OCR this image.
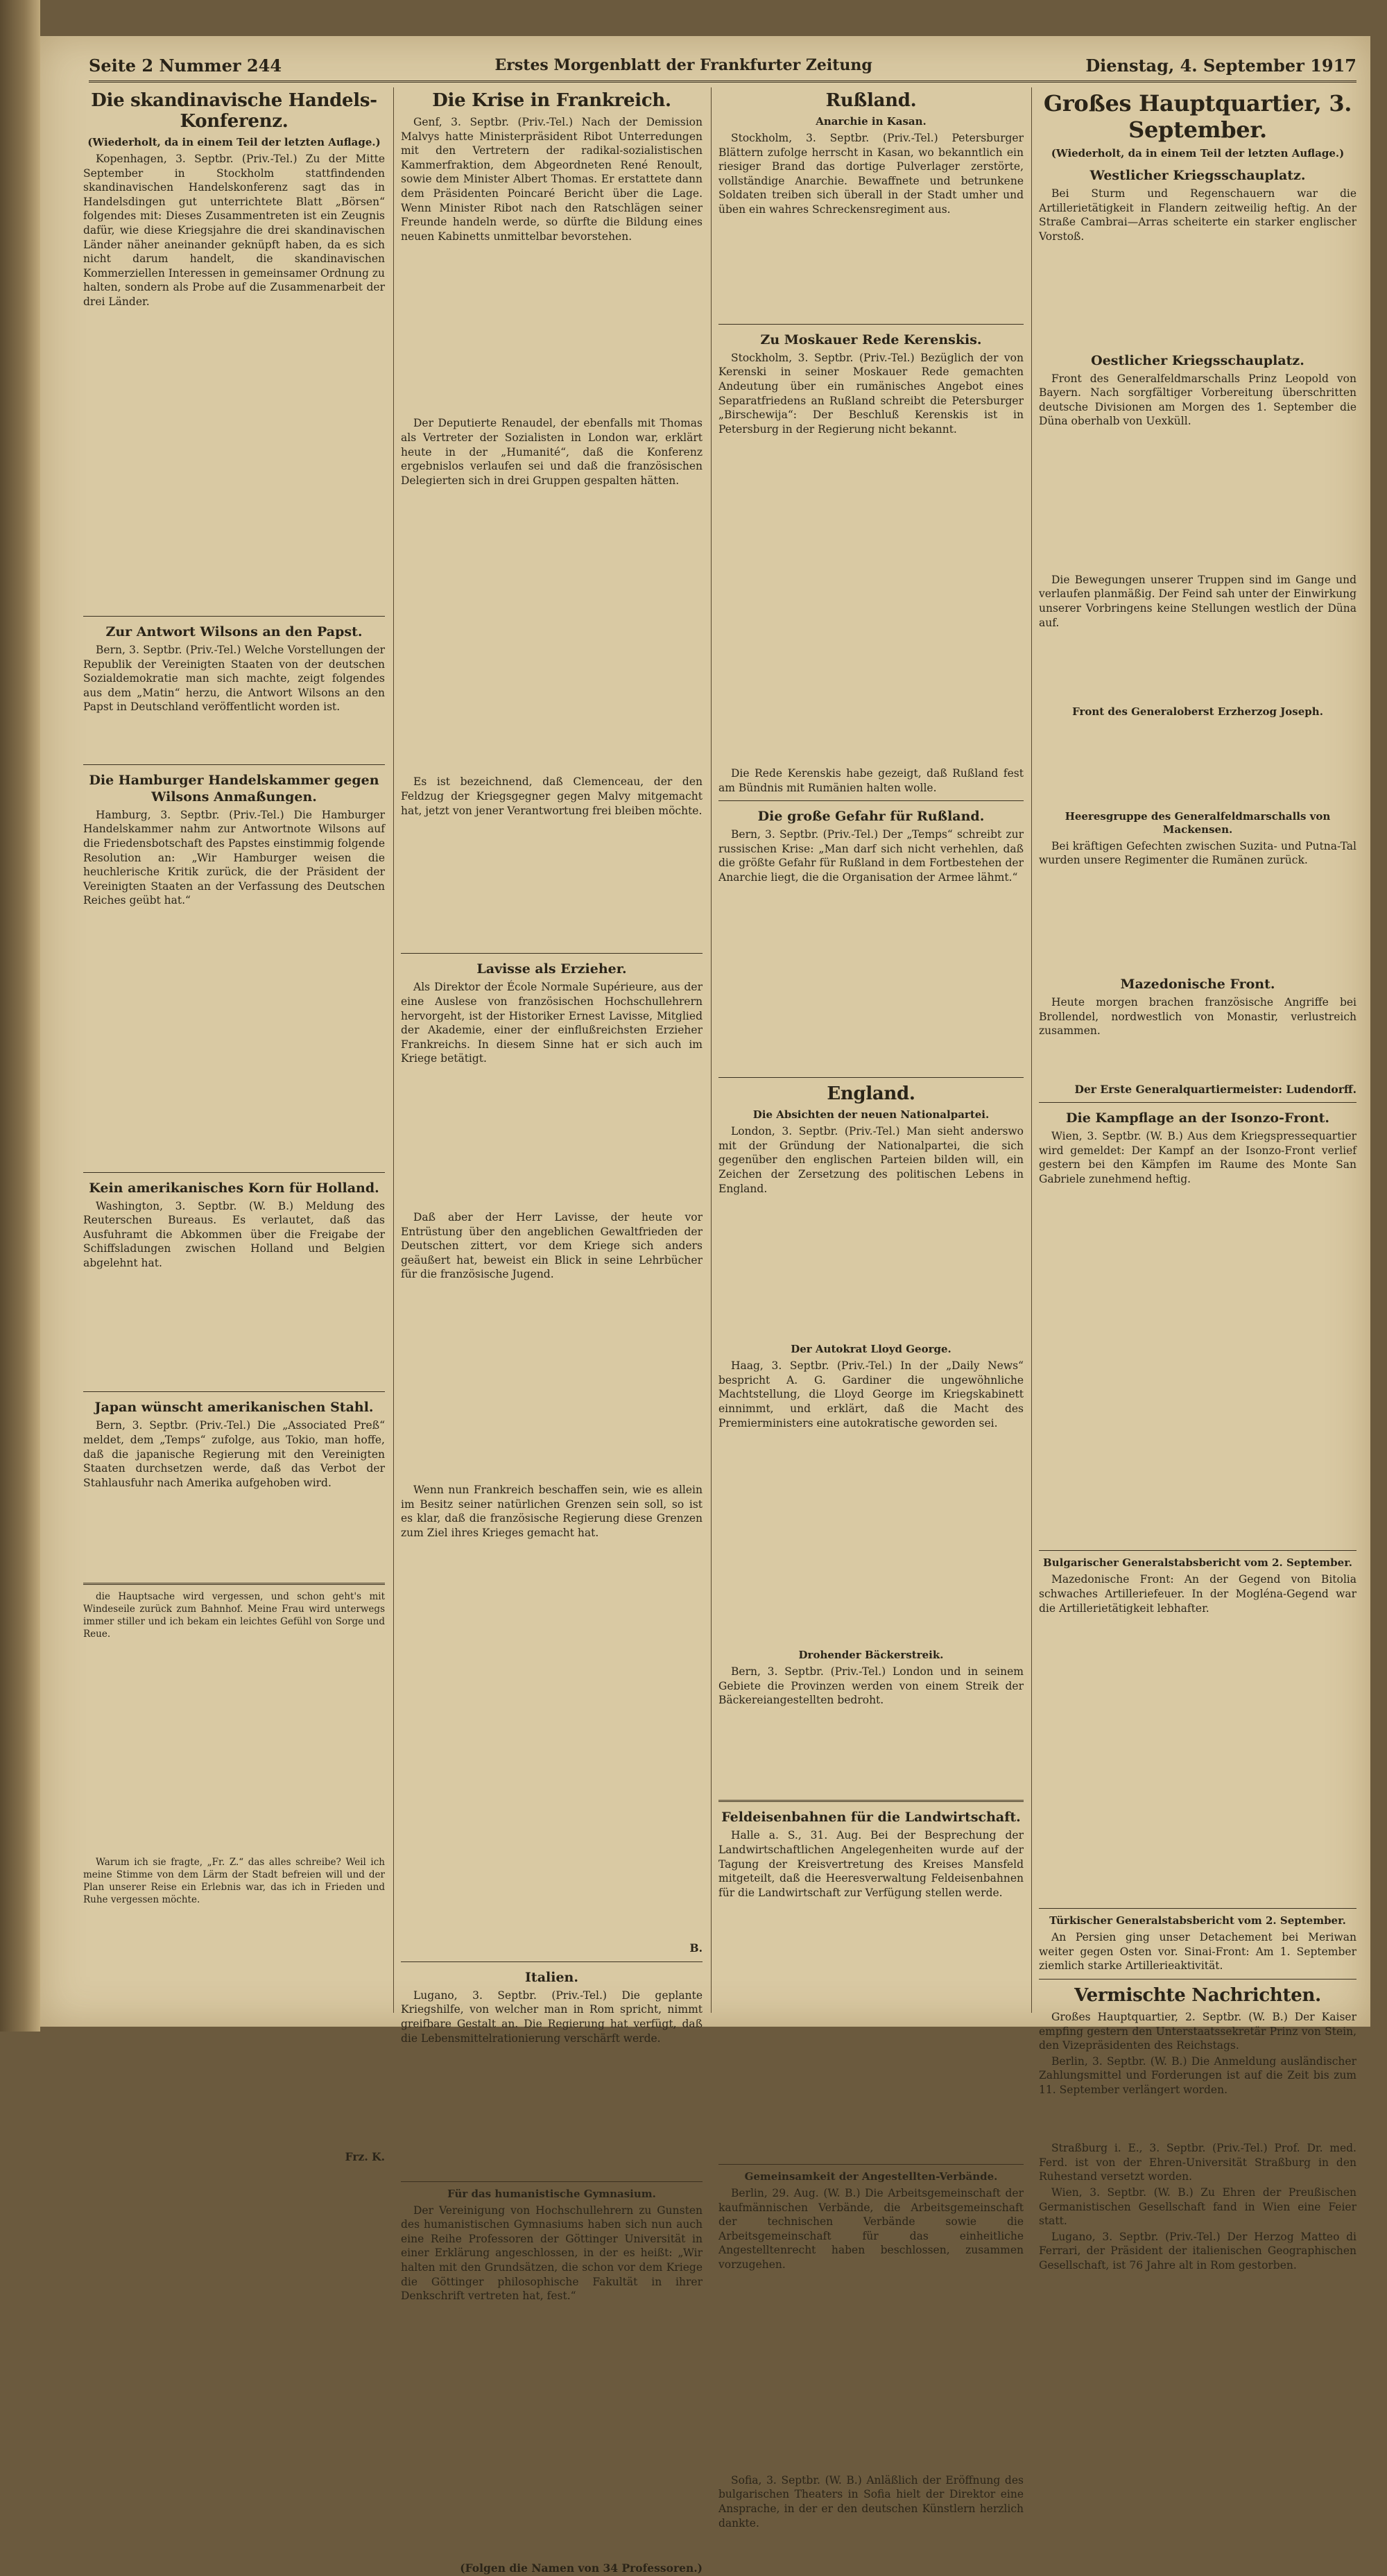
Seite 2 Nummer 244	Erstes Morgenblatt der Frankfurter Zeitung	Dienstag, 4. September 1917
Die skandinavische Handels-Konferenz.
(Wiederholt, da in einem Teil der letzten Auflage.)

Kopenhagen, 3. Septbr. (Priv.-Tel.) Zu der Mitte September in Stockholm stattfindenden skandinavischen Handelskonferenz sagt das in Handelsdingen gut unterrichtete Blatt „Börsen“ folgendes mit: Dieses Zusammentreten ist ein Zeugnis dafür, wie diese Kriegsjahre die drei skandinavischen Länder näher aneinander geknüpft haben, da es sich nicht darum handelt, die skandinavischen Kommerziellen Interessen in gemeinsamer Ordnung zu halten, sondern als Probe auf die Zusammenarbeit der drei Länder.

Zur Antwort Wilsons an den Papst.

Bern, 3. Septbr. (Priv.-Tel.) Welche Vorstellungen der Republik der Vereinigten Staaten von der deutschen Sozialdemokratie man sich machte, zeigt folgendes aus dem „Matin“ herzu, die Antwort Wilsons an den Papst in Deutschland veröffentlicht worden ist.

Die Hamburger Handelskammer gegen Wilsons Anmaßungen.

Hamburg, 3. Septbr. (Priv.-Tel.) Die Hamburger Handelskammer nahm zur Antwortnote Wilsons auf die Friedensbotschaft des Papstes einstimmig folgende Resolution an: „Wir Hamburger weisen die heuchlerische Kritik zurück, die der Präsident der Vereinigten Staaten an der Verfassung des Deutschen Reiches geübt hat.“

Kein amerikanisches Korn für Holland.

Washington, 3. Septbr. (W. B.) Meldung des Reuterschen Bureaus. Es verlautet, daß das Ausfuhramt die Abkommen über die Freigabe der Schiffsladungen zwischen Holland und Belgien abgelehnt hat.

Japan wünscht amerikanischen Stahl.

Bern, 3. Septbr. (Priv.-Tel.) Die „Associated Preß“ meldet, dem „Temps“ zufolge, aus Tokio, man hoffe, daß die japanische Regierung mit den Vereinigten Staaten durchsetzen werde, daß das Verbot der Stahlausfuhr nach Amerika aufgehoben wird.

die Hauptsache wird vergessen, und schon geht's mit Windeseile zurück zum Bahnhof. Meine Frau wird unterwegs immer stiller und ich bekam ein leichtes Gefühl von Sorge und Reue.

Warum ich sie fragte, „Fr. Z.“ das alles schreibe? Weil ich meine Stimme von dem Lärm der Stadt befreien will und der Plan unserer Reise ein Erlebnis war, das ich in Frieden und Ruhe vergessen möchte.

Frz. K.
Die Krise in Frankreich.

Genf, 3. Septbr. (Priv.-Tel.) Nach der Demission Malvys hatte Ministerpräsident Ribot Unterredungen mit den Vertretern der radikal-sozialistischen Kammerfraktion, dem Abgeordneten René Renoult, sowie dem Minister Albert Thomas. Er erstattete dann dem Präsidenten Poincaré Bericht über die Lage. Wenn Minister Ribot nach den Ratschlägen seiner Freunde handeln werde, so dürfte die Bildung eines neuen Kabinetts unmittelbar bevorstehen.

Der Deputierte Renaudel, der ebenfalls mit Thomas als Vertreter der Sozialisten in London war, erklärt heute in der „Humanité“, daß die Konferenz ergebnislos verlaufen sei und daß die französischen Delegierten sich in drei Gruppen gespalten hätten.

Es ist bezeichnend, daß Clemenceau, der den Feldzug der Kriegsgegner gegen Malvy mitgemacht hat, jetzt von jener Verantwortung frei bleiben möchte.

Lavisse als Erzieher.

Als Direktor der École Normale Supérieure, aus der eine Auslese von französischen Hochschullehrern hervorgeht, ist der Historiker Ernest Lavisse, Mitglied der Akademie, einer der einflußreichsten Erzieher Frankreichs. In diesem Sinne hat er sich auch im Kriege betätigt.

Daß aber der Herr Lavisse, der heute vor Entrüstung über den angeblichen Gewaltfrieden der Deutschen zittert, vor dem Kriege sich anders geäußert hat, beweist ein Blick in seine Lehrbücher für die französische Jugend.

Wenn nun Frankreich beschaffen sein, wie es allein im Besitz seiner natürlichen Grenzen sein soll, so ist es klar, daß die französische Regierung diese Grenzen zum Ziel ihres Krieges gemacht hat.

B.
Italien.

Lugano, 3. Septbr. (Priv.-Tel.) Die geplante Kriegshilfe, von welcher man in Rom spricht, nimmt greifbare Gestalt an. Die Regierung hat verfügt, daß die Lebensmittelrationierung verschärft werde.

Für das humanistische Gymnasium.

Der Vereinigung von Hochschullehrern zu Gunsten des humanistischen Gymnasiums haben sich nun auch eine Reihe Professoren der Göttinger Universität in einer Erklärung angeschlossen, in der es heißt: „Wir halten mit den Grundsätzen, die schon vor dem Kriege die Göttinger philosophische Fakultät in ihrer Denkschrift vertreten hat, fest.“

(Folgen die Namen von 34 Professoren.)
Rußland.
Anarchie in Kasan.

Stockholm, 3. Septbr. (Priv.-Tel.) Petersburger Blättern zufolge herrscht in Kasan, wo bekanntlich ein riesiger Brand das dortige Pulverlager zerstörte, vollständige Anarchie. Bewaffnete und betrunkene Soldaten treiben sich überall in der Stadt umher und üben ein wahres Schreckensregiment aus.

Zu Moskauer Rede Kerenskis.

Stockholm, 3. Septbr. (Priv.-Tel.) Bezüglich der von Kerenski in seiner Moskauer Rede gemachten Andeutung über ein rumänisches Angebot eines Separatfriedens an Rußland schreibt die Petersburger „Birschewija“: Der Beschluß Kerenskis ist in Petersburg in der Regierung nicht bekannt.

Die Rede Kerenskis habe gezeigt, daß Rußland fest am Bündnis mit Rumänien halten wolle.

Die große Gefahr für Rußland.

Bern, 3. Septbr. (Priv.-Tel.) Der „Temps“ schreibt zur russischen Krise: „Man darf sich nicht verhehlen, daß die größte Gefahr für Rußland in dem Fortbestehen der Anarchie liegt, die die Organisation der Armee lähmt.“

England.
Die Absichten der neuen Nationalpartei.

London, 3. Septbr. (Priv.-Tel.) Man sieht anderswo mit der Gründung der Nationalpartei, die sich gegenüber den englischen Parteien bilden will, ein Zeichen der Zersetzung des politischen Lebens in England.

Der Autokrat Lloyd George.

Haag, 3. Septbr. (Priv.-Tel.) In der „Daily News“ bespricht A. G. Gardiner die ungewöhnliche Machtstellung, die Lloyd George im Kriegskabinett einnimmt, und erklärt, daß die Macht des Premierministers eine autokratische geworden sei.

Drohender Bäckerstreik.

Bern, 3. Septbr. (Priv.-Tel.) London und in seinem Gebiete die Provinzen werden von einem Streik der Bäckereiangestellten bedroht.

Feldeisenbahnen für die Landwirtschaft.

Halle a. S., 31. Aug. Bei der Besprechung der Landwirtschaftlichen Angelegenheiten wurde auf der Tagung der Kreisvertretung des Kreises Mansfeld mitgeteilt, daß die Heeresverwaltung Feldeisenbahnen für die Landwirtschaft zur Verfügung stellen werde.

Gemeinsamkeit der Angestellten-Verbände.

Berlin, 29. Aug. (W. B.) Die Arbeitsgemeinschaft der kaufmännischen Verbände, die Arbeitsgemeinschaft der technischen Verbände sowie die Arbeitsgemeinschaft für das einheitliche Angestelltenrecht haben beschlossen, zusammen vorzugehen.

Sofia, 3. Septbr. (W. B.) Anläßlich der Eröffnung des bulgarischen Theaters in Sofia hielt der Direktor eine Ansprache, in der er den deutschen Künstlern herzlich dankte.

Großes Hauptquartier, 3. September.
(Wiederholt, da in einem Teil der letzten Auflage.)
Westlicher Kriegsschauplatz.

Bei Sturm und Regenschauern war die Artillerietätigkeit in Flandern zeitweilig heftig. An der Straße Cambrai—Arras scheiterte ein starker englischer Vorstoß.

Oestlicher Kriegsschauplatz.

Front des Generalfeldmarschalls Prinz Leopold von Bayern. Nach sorgfältiger Vorbereitung überschritten deutsche Divisionen am Morgen des 1. September die Düna oberhalb von Uexküll.

Die Bewegungen unserer Truppen sind im Gange und verlaufen planmäßig. Der Feind sah unter der Einwirkung unserer Vorbringens keine Stellungen westlich der Düna auf.

Front des Generaloberst Erzherzog Joseph.
Heeresgruppe des Generalfeldmarschalls von Mackensen.

Bei kräftigen Gefechten zwischen Suzita- und Putna-Tal wurden unsere Regimenter die Rumänen zurück.

Mazedonische Front.

Heute morgen brachen französische Angriffe bei Brollendel, nordwestlich von Monastir, verlustreich zusammen.

Der Erste Generalquartiermeister: Ludendorff.
Die Kampflage an der Isonzo-Front.

Wien, 3. Septbr. (W. B.) Aus dem Kriegspressequartier wird gemeldet: Der Kampf an der Isonzo-Front verlief gestern bei den Kämpfen im Raume des Monte San Gabriele zunehmend heftig.

Bulgarischer Generalstabsbericht vom 2. September.

Mazedonische Front: An der Gegend von Bitolia schwaches Artilleriefeuer. In der Mogléna-Gegend war die Artillerietätigkeit lebhafter.

Türkischer Generalstabsbericht vom 2. September.

An Persien ging unser Detachement bei Meriwan weiter gegen Osten vor. Sinai-Front: Am 1. September ziemlich starke Artillerieaktivität.

Vermischte Nachrichten.

Großes Hauptquartier, 2. Septbr. (W. B.) Der Kaiser empfing gestern den Unterstaatssekretär Prinz von Stein, den Vizepräsidenten des Reichstags.

Berlin, 3. Septbr. (W. B.) Die Anmeldung ausländischer Zahlungsmittel und Forderungen ist auf die Zeit bis zum 11. September verlängert worden.

Straßburg i. E., 3. Septbr. (Priv.-Tel.) Prof. Dr. med. Ferd. ist von der Ehren-Universität Straßburg in den Ruhestand versetzt worden.

Wien, 3. Septbr. (W. B.) Zu Ehren der Preußischen Germanistischen Gesellschaft fand in Wien eine Feier statt.

Lugano, 3. Septbr. (Priv.-Tel.) Der Herzog Matteo di Ferrari, der Präsident der italienischen Geographischen Gesellschaft, ist 76 Jahre alt in Rom gestorben.
